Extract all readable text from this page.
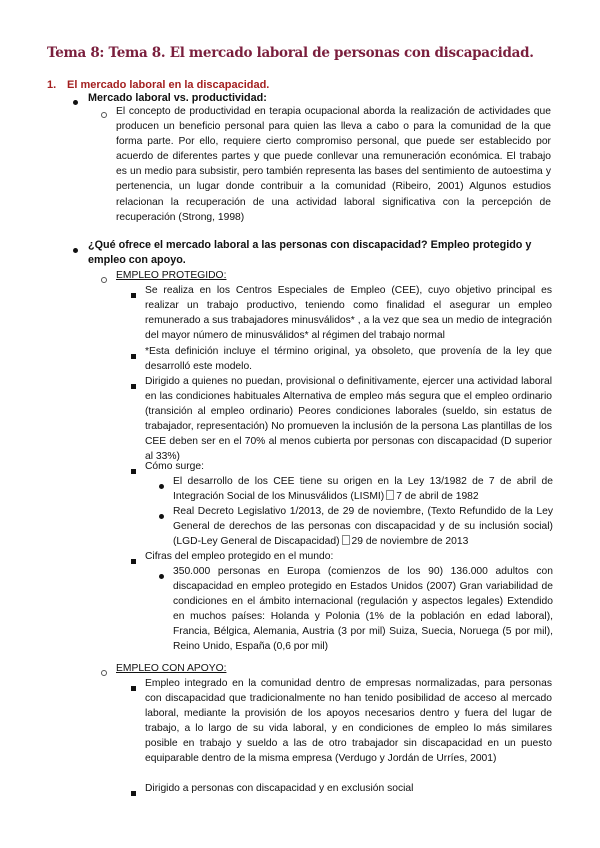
Tema 8: Tema 8. El mercado laboral de personas con discapacidad.
1. El mercado laboral en la discapacidad.
Mercado laboral vs. productividad:
El concepto de productividad en terapia ocupacional aborda la realización de actividades que producen un beneficio personal para quien las lleva a cabo o para la comunidad de la que forma parte. Por ello, requiere cierto compromiso personal, que puede ser establecido por acuerdo de diferentes partes y que puede conllevar una remuneración económica. El trabajo es un medio para subsistir, pero también representa las bases del sentimiento de autoestima y pertenencia, un lugar donde contribuir a la comunidad (Ribeiro, 2001) Algunos estudios relacionan la recuperación de una actividad laboral significativa con la percepción de recuperación (Strong, 1998)
¿Qué ofrece el mercado laboral a las personas con discapacidad? Empleo protegido y empleo con apoyo.
EMPLEO PROTEGIDO:
Se realiza en los Centros Especiales de Empleo (CEE), cuyo objetivo principal es realizar un trabajo productivo, teniendo como finalidad el asegurar un empleo remunerado a sus trabajadores minusválidos* , a la vez que sea un medio de integración del mayor número de minusválidos* al régimen del trabajo normal
*Esta definición incluye el término original, ya obsoleto, que provenía de la ley que desarrolló este modelo.
Dirigido a quienes no puedan, provisional o definitivamente, ejercer una actividad laboral en las condiciones habituales Alternativa de empleo más segura que el empleo ordinario (transición al empleo ordinario) Peores condiciones laborales (sueldo, sin estatus de trabajador, representación) No promueven la inclusión de la persona Las plantillas de los CEE deben ser en el 70% al menos cubierta por personas con discapacidad (D superior al 33%)
Cómo surge:
El desarrollo de los CEE tiene su origen en la Ley 13/1982 de 7 de abril de Integración Social de los Minusválidos (LISMI) 7 de abril de 1982
Real Decreto Legislativo 1/2013, de 29 de noviembre, (Texto Refundido de la Ley General de derechos de las personas con discapacidad y de su inclusión social) (LGD-Ley General de Discapacidad) 29 de noviembre de 2013
Cifras del empleo protegido en el mundo:
350.000 personas en Europa (comienzos de los 90) 136.000 adultos con discapacidad en empleo protegido en Estados Unidos (2007) Gran variabilidad de condiciones en el ámbito internacional (regulación y aspectos legales) Extendido en muchos países: Holanda y Polonia (1% de la población en edad laboral), Francia, Bélgica, Alemania, Austria (3 por mil) Suiza, Suecia, Noruega (5 por mil), Reino Unido, España (0,6 por mil)
EMPLEO CON APOYO:
Empleo integrado en la comunidad dentro de empresas normalizadas, para personas con discapacidad que tradicionalmente no han tenido posibilidad de acceso al mercado laboral, mediante la provisión de los apoyos necesarios dentro y fuera del lugar de trabajo, a lo largo de su vida laboral, y en condiciones de empleo lo más similares posible en trabajo y sueldo a las de otro trabajador sin discapacidad en un puesto equiparable dentro de la misma empresa (Verdugo y Jordán de Urríes, 2001)
Dirigido a personas con discapacidad y en exclusión social
